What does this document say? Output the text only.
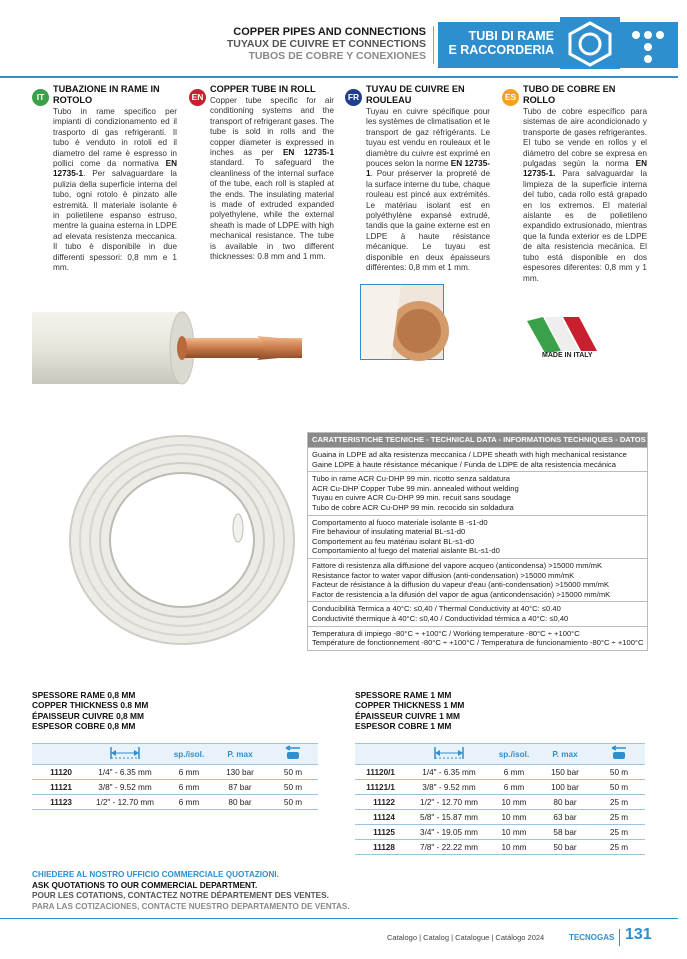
COPPER PIPES AND CONNECTIONS
TUYAUX DE CUIVRE ET CONNECTIONS
TUBOS DE COBRE Y CONEXIONES
TUBI DI RAME
E RACCORDERIA
IT
TUBAZIONE IN RAME IN ROTOLO

Tubo in rame specifico per impianti di condizionamento ed il trasporto di gas refrigeranti. Il tubo è venduto in rotoli ed il diametro del rame è espresso in pollici come da normativa EN 12735-1. Per salvaguardare la pulizia della superficie interna del tubo, ogni rotolo è pinzato alle estremità. Il materiale isolante è in polietilene espanso estruso, mentre la guaina esterna in LDPE ad elevata resistenza meccanica. Il tubo è disponibile in due differenti spessori: 0,8 mm e 1 mm.

EN
COPPER TUBE IN ROLL

Copper tube specific for air conditioning systems and the transport of refrigerant gases. The tube is sold in rolls and the copper diameter is expressed in inches as per EN 12735-1 standard. To safeguard the cleanliness of the internal surface of the tube, each roll is stapled at the ends. The insulating material is made of extruded expanded polyethylene, while the external sheath is made of LDPE with high mechanical resistance. The tube is available in two different thicknesses: 0.8 mm and 1 mm.

FR
TUYAU DE CUIVRE EN ROULEAU

Tuyau en cuivre spécifique pour les systèmes de climatisation et le transport de gaz réfrigérants. Le tuyau est vendu en rouleaux et le diamètre du cuivre est exprimé en pouces selon la norme EN 12735-1. Pour préserver la propreté de la surface interne du tube, chaque rouleau est pincé aux extrémités. Le matériau isolant est en polyéthylène expansé extrudé, tandis que la gaine externe est en LDPE à haute résistance mécanique. Le tuyau est disponible en deux épaisseurs différentes: 0,8 mm et 1 mm.

ES
TUBO DE COBRE EN ROLLO

Tubo de cobre específico para sistemas de aire acondicionado y transporte de gases refrigerantes. El tubo se vende en rollos y el diámetro del cobre se expresa en pulgadas según la norma EN 12735-1. Para salvaguardar la limpieza de la superficie interna del tubo, cada rollo está grapado en los extremos. El material aislante es de polietileno expandido extrusionado, mientras que la funda exterior es de LDPE de alta resistencia mecánica. El tubo está disponible en dos espesores diferentes: 0,8 mm y 1 mm.

MADE IN ITALY
CARATTERISTICHE TECNICHE - TECHNICAL DATA - INFORMATIONS TECHNIQUES - DATOS TÉCNICOS
Guaina in LDPE ad alta resistenza meccanica / LDPE sheath with high mechanical resistance
Gaine LDPE à haute résistance mécanique / Funda de LDPE de alta resistencia mecánica
Tubo in rame ACR Cu-DHP 99 min. ricotto senza saldatura
ACR Cu-DHP Copper Tube 99 min. annealed without welding
Tuyau en cuivre ACR Cu-DHP 99 min. recuit sans soudage
Tubo de cobre ACR Cu-DHP 99 min. recocido sin soldadura
Comportamento al fuoco materiale isolante B -s1-d0
Fire behaviour of insulating material BL-s1-d0
Comportement au feu matériau isolant BL-s1-d0
Comportamiento al fuego del material aislante BL-s1-d0
Fattore di resistenza alla diffusione del vapore acqueo (anticondensa) >15000 mm/mK
Resistance factor to water vapor diffusion (anti-condensation) >15000 mm/mK
Facteur de résistance à la diffusion du vapeur d'eau (anti-condensation) >15000 mm/mK
Factor de resistencia a la difusión del vapor de agua (anticondensación) >15000 mm/mK
Conducibilità Termica a 40°C: ≤0,40 / Thermal Conductivity at 40°C: ≤0.40
Conductivité thermique à 40°C: ≤0,40 / Conductividad térmica a 40°C: ≤0,40
Temperatura di impiego -80°C ÷ +100°C / Working temperature -80°C ÷ +100°C
Température de fonctionnement -80°C ÷ +100°C / Temperatura de funcionamiento -80°C ÷ +100°C
SPESSORE RAME 0,8 MM
COPPER THICKNESS 0.8 MM
ÉPAISSEUR CUIVRE 0,8 MM
ESPESOR COBRE 0,8 MM
		sp./isol.	P. max	
11120	1/4" - 6.35 mm	6 mm	130 bar	50 m
11121	3/8" - 9.52 mm	6 mm	87 bar	50 m
11123	1/2" - 12.70 mm	6 mm	80 bar	50 m
SPESSORE RAME 1 MM
COPPER THICKNESS 1 MM
ÉPAISSEUR CUIVRE 1 MM
ESPESOR COBRE 1 MM
		sp./isol.	P. max	
11120/1	1/4" - 6.35 mm	6 mm	150 bar	50 m
11121/1	3/8" - 9.52 mm	6 mm	100 bar	50 m
11122	1/2" - 12.70 mm	10 mm	80 bar	25 m
11124	5/8" - 15.87 mm	10 mm	63 bar	25 m
11125	3/4" - 19.05 mm	10 mm	58 bar	25 m
11128	7/8" - 22.22 mm	10 mm	50 bar	25 m
CHIEDERE AL NOSTRO UFFICIO COMMERCIALE QUOTAZIONI.
ASK QUOTATIONS TO OUR COMMERCIAL DEPARTMENT.
POUR LES COTATIONS, CONTACTEZ NOTRE DÉPARTEMENT DES VENTES.
PARA LAS COTIZACIONES, CONTACTE NUESTRO DEPARTAMENTO DE VENTAS.
Catalogo | Catalog | Catalogue | Catálogo 2024	TECNOGAS 131
